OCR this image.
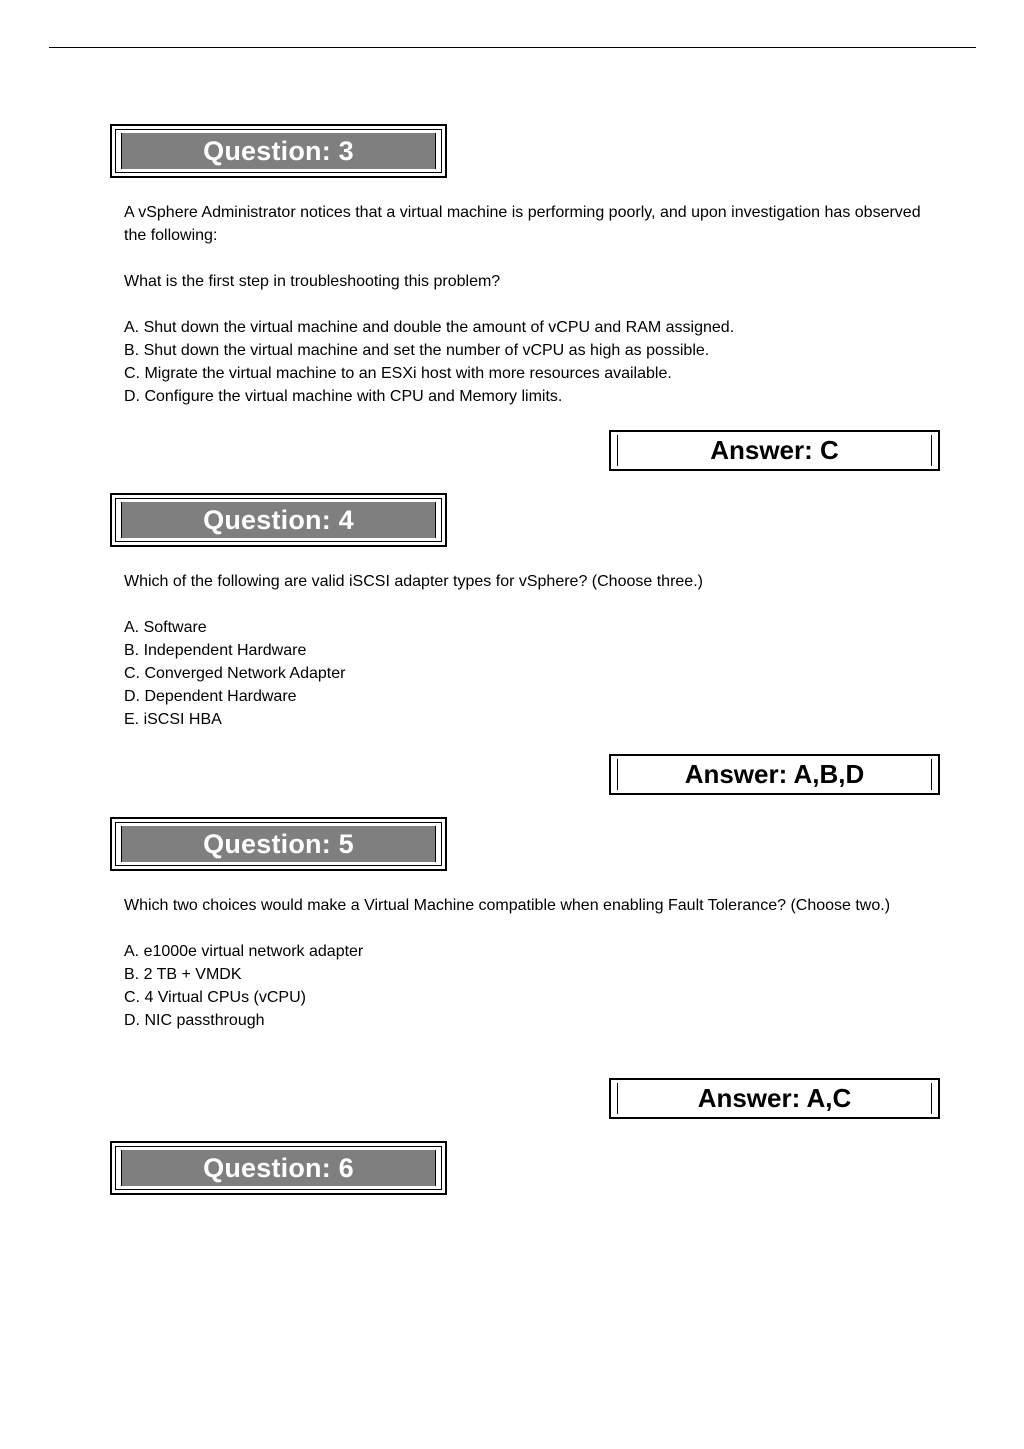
Question: 3

A vSphere Administrator notices that a virtual machine is performing poorly, and upon investigation has observed the following:

What is the first step in troubleshooting this problem?

A. Shut down the virtual machine and double the amount of vCPU and RAM assigned.

B. Shut down the virtual machine and set the number of vCPU as high as possible.

C. Migrate the virtual machine to an ESXi host with more resources available.

D. Configure the virtual machine with CPU and Memory limits.

Answer: C
Question: 4

Which of the following are valid iSCSI adapter types for vSphere? (Choose three.)

A. Software

B. Independent Hardware

C. Converged Network Adapter

D. Dependent Hardware

E. iSCSI HBA

Answer: A,B,D
Question: 5

Which two choices would make a Virtual Machine compatible when enabling Fault Tolerance? (Choose two.)

A. e1000e virtual network adapter

B. 2 TB + VMDK

C. 4 Virtual CPUs (vCPU)

D. NIC passthrough

Answer: A,C
Question: 6
